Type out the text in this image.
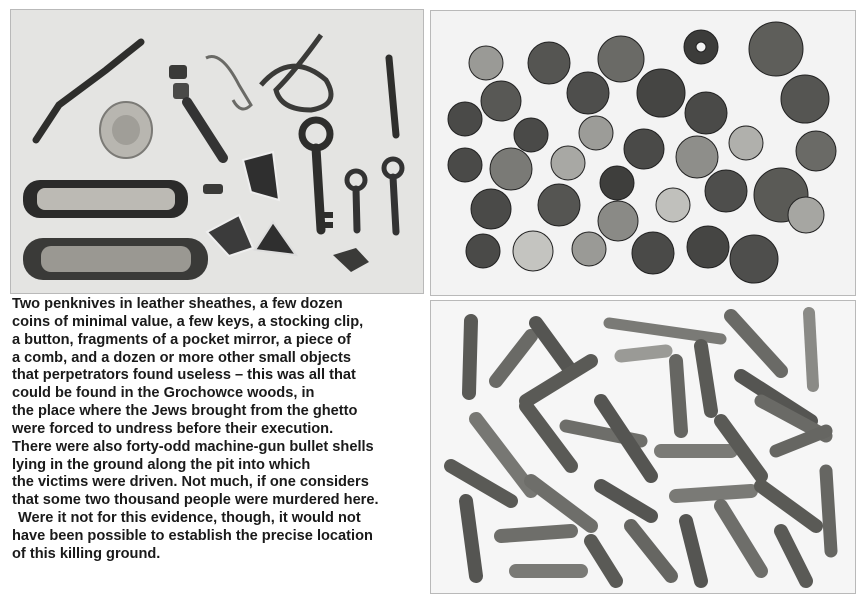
Two penknives in leather sheathes, a few dozen
coins of minimal value, a few keys, a stocking clip,
a button, fragments of a pocket mirror, a piece of
a comb, and a dozen or more other small objects
that perpetrators found useless – this was all that
could be found in the Grochowce woods, in
the place where the Jews brought from the ghetto
were forced to undress before their execution.
There were also forty-odd machine-gun bullet shells
lying in the ground along the pit into which
the victims were driven. Not much, if one considers
that some two thousand people were murdered here.
Were it not for this evidence, though, it would not
have been possible to establish the precise location
of this killing ground.
